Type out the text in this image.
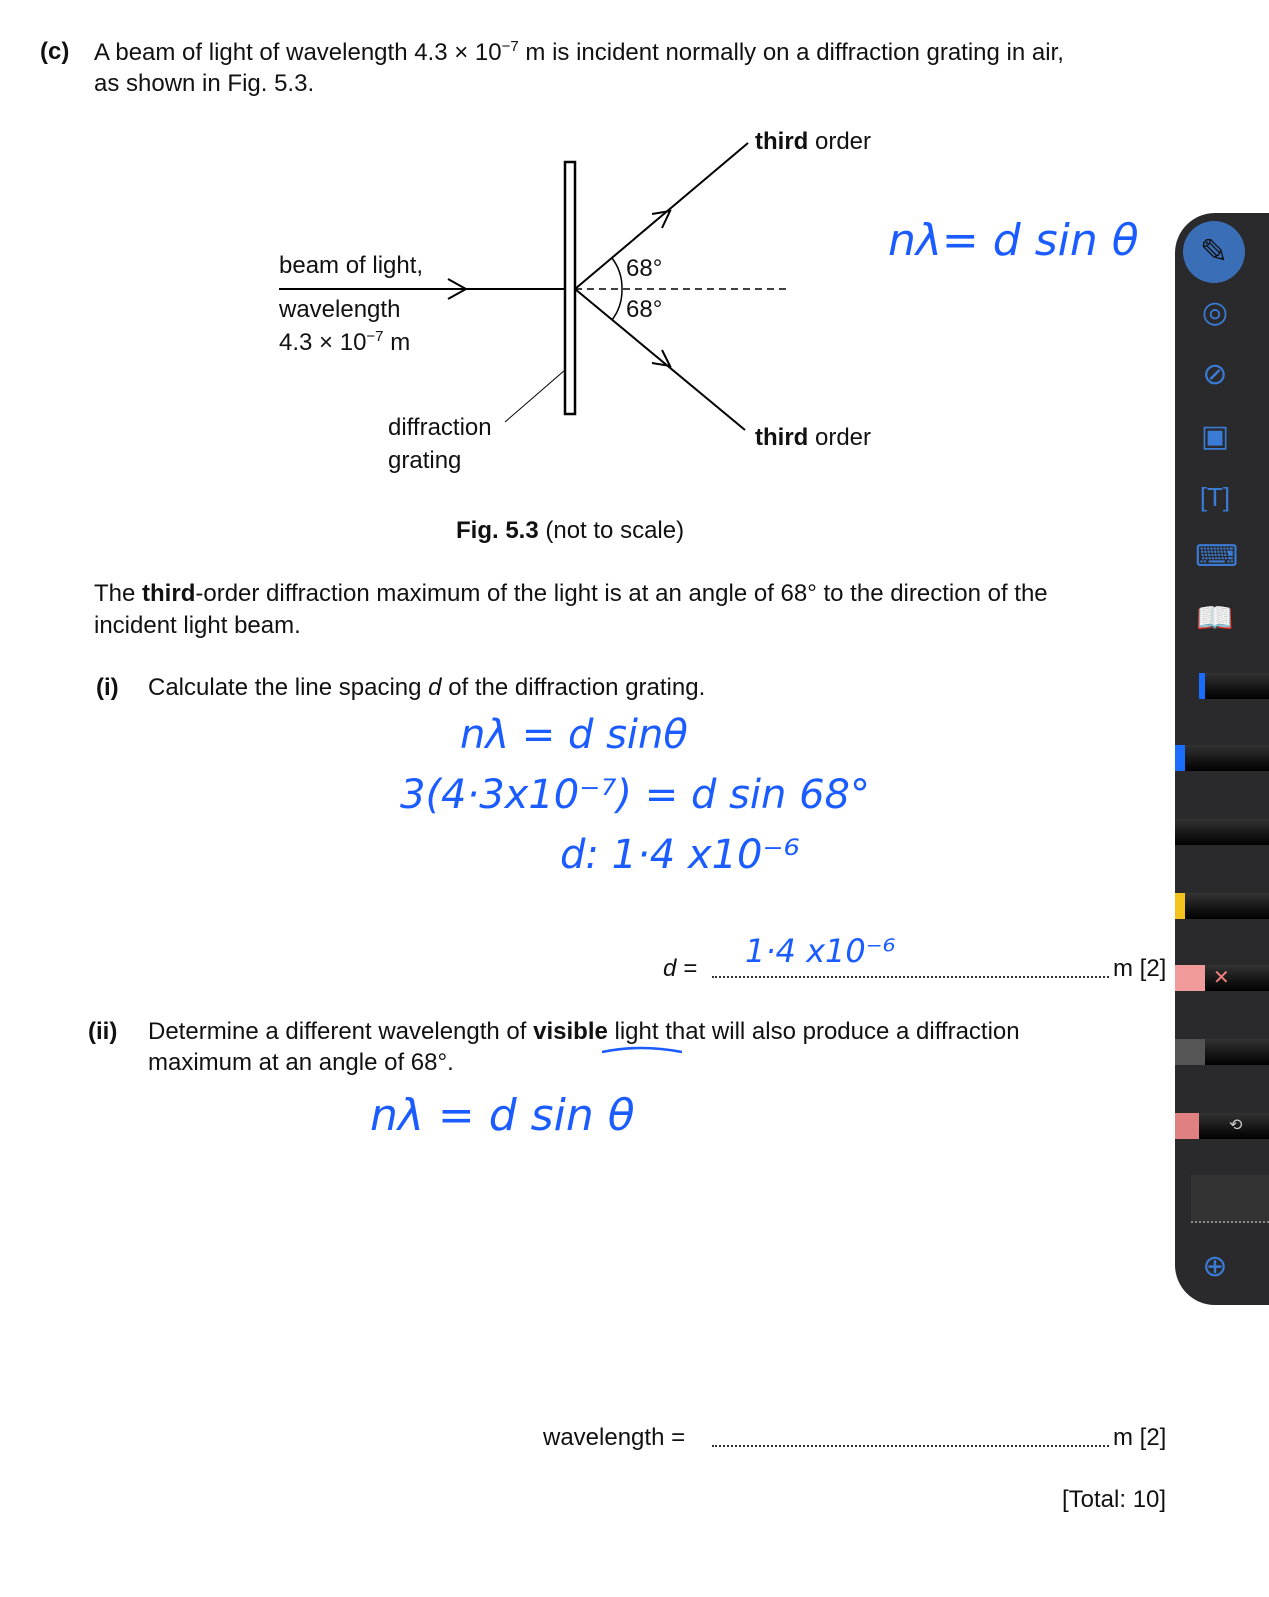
(c) A beam of light of wavelength $4.3 \times 10^{-7}$ m is incident normally on a diffraction grating in air,
as shown in Fig. 5.3.
beam of light,
wavelength
$4.3 \times 10^{-7}$ m
68°
68°
third order
third order
diffraction
grating
Fig. 5.3 (not to scale)
The third-order diffraction maximum of the light is at an angle of 68° to the direction of the
incident light beam.
(i) Calculate the line spacing d of the diffraction grating.
d =	m [2]
(ii) Determine a different wavelength of visible light that will also produce a diffraction
maximum at an angle of 68°.
wavelength =	m [2]
[Total: 10]
nλ= d sin θ
nλ = d sinθ
3(4·3x10⁻⁷) = d sin 68°
d: 1·4 x10⁻⁶
1·4 x10⁻⁶
nλ = d sin θ
✎
◎
⊘
▣
[T]
⌨
📖
✕
⟲
⊕
